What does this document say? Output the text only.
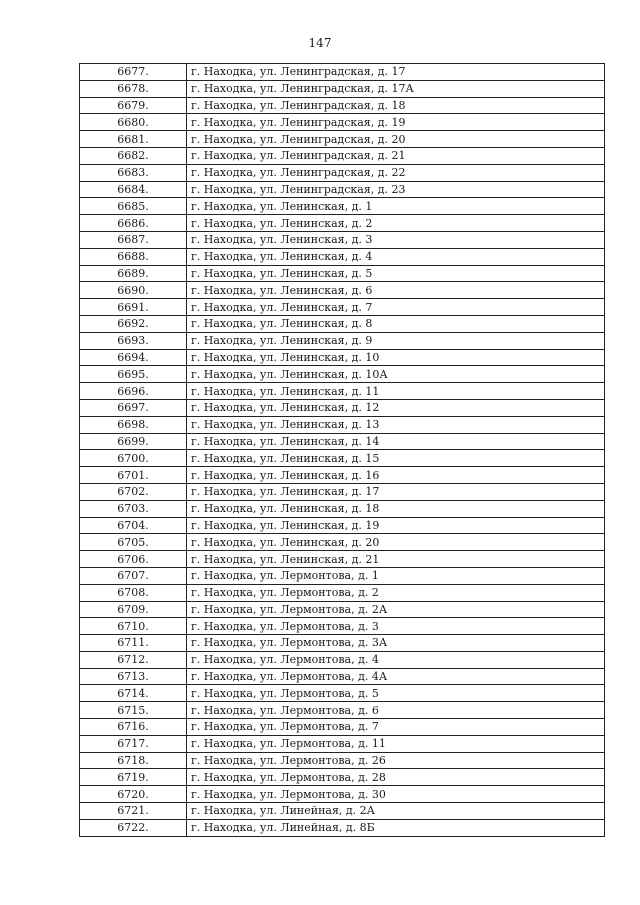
147
6677.	г. Находка, ул. Ленинградская, д. 17
6678.	г. Находка, ул. Ленинградская, д. 17А
6679.	г. Находка, ул. Ленинградская, д. 18
6680.	г. Находка, ул. Ленинградская, д. 19
6681.	г. Находка, ул. Ленинградская, д. 20
6682.	г. Находка, ул. Ленинградская, д. 21
6683.	г. Находка, ул. Ленинградская, д. 22
6684.	г. Находка, ул. Ленинградская, д. 23
6685.	г. Находка, ул. Ленинская, д. 1
6686.	г. Находка, ул. Ленинская, д. 2
6687.	г. Находка, ул. Ленинская, д. 3
6688.	г. Находка, ул. Ленинская, д. 4
6689.	г. Находка, ул. Ленинская, д. 5
6690.	г. Находка, ул. Ленинская, д. 6
6691.	г. Находка, ул. Ленинская, д. 7
6692.	г. Находка, ул. Ленинская, д. 8
6693.	г. Находка, ул. Ленинская, д. 9
6694.	г. Находка, ул. Ленинская, д. 10
6695.	г. Находка, ул. Ленинская, д. 10А
6696.	г. Находка, ул. Ленинская, д. 11
6697.	г. Находка, ул. Ленинская, д. 12
6698.	г. Находка, ул. Ленинская, д. 13
6699.	г. Находка, ул. Ленинская, д. 14
6700.	г. Находка, ул. Ленинская, д. 15
6701.	г. Находка, ул. Ленинская, д. 16
6702.	г. Находка, ул. Ленинская, д. 17
6703.	г. Находка, ул. Ленинская, д. 18
6704.	г. Находка, ул. Ленинская, д. 19
6705.	г. Находка, ул. Ленинская, д. 20
6706.	г. Находка, ул. Ленинская, д. 21
6707.	г. Находка, ул. Лермонтова, д. 1
6708.	г. Находка, ул. Лермонтова, д. 2
6709.	г. Находка, ул. Лермонтова, д. 2А
6710.	г. Находка, ул. Лермонтова, д. 3
6711.	г. Находка, ул. Лермонтова, д. 3А
6712.	г. Находка, ул. Лермонтова, д. 4
6713.	г. Находка, ул. Лермонтова, д. 4А
6714.	г. Находка, ул. Лермонтова, д. 5
6715.	г. Находка, ул. Лермонтова, д. 6
6716.	г. Находка, ул. Лермонтова, д. 7
6717.	г. Находка, ул. Лермонтова, д. 11
6718.	г. Находка, ул. Лермонтова, д. 26
6719.	г. Находка, ул. Лермонтова, д. 28
6720.	г. Находка, ул. Лермонтова, д. 30
6721.	г. Находка, ул. Линейная, д. 2А
6722.	г. Находка, ул. Линейная, д. 8Б
